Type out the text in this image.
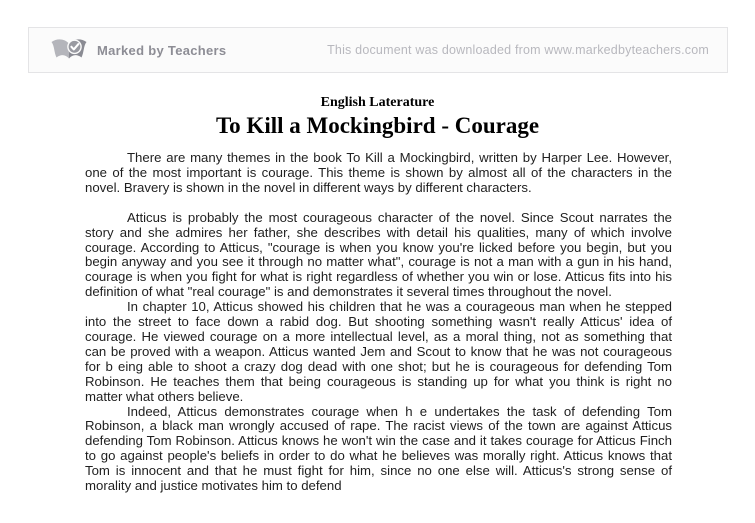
Marked by Teachers	This document was downloaded from www.markedbyteachers.com
English Laterature
To Kill a Mockingbird - Courage

There are many themes in the book To Kill a Mockingbird, written by Harper Lee. However, one of the most important is courage. This theme is shown by almost all of the characters in the novel. Bravery is shown in the novel in different ways by different characters.

Atticus is probably the most courageous character of the novel. Since Scout narrates the story and she admires her father, she describes with detail his qualities, many of which involve courage. According to Atticus, "courage is when you know you're licked before you begin, but you begin anyway and you see it through no matter what", courage is not a man with a gun in his hand, courage is when you fight for what is right regardless of whether you win or lose. Atticus fits into his definition of what "real courage" is and demonstrates it several times throughout the novel.

In chapter 10, Atticus showed his children that he was a courageous man when he stepped into the street to face down a rabid dog. But shooting something wasn't really Atticus' idea of courage. He viewed courage on a more intellectual level, as a moral thing, not as something that can be proved with a weapon. Atticus wanted Jem and Scout to know that he was not courageous for b eing able to shoot a crazy dog dead with one shot; but he is courageous for defending Tom Robinson. He teaches them that being courageous is standing up for what you think is right no matter what others believe.

Indeed, Atticus demonstrates courage when h e undertakes the task of defending Tom Robinson, a black man wrongly accused of rape. The racist views of the town are against Atticus defending Tom Robinson. Atticus knows he won't win the case and it takes courage for Atticus Finch to go against people's beliefs in order to do what he believes was morally right. Atticus knows that Tom is innocent and that he must fight for him, since no one else will. Atticus's strong sense of morality and justice motivates him to defend
